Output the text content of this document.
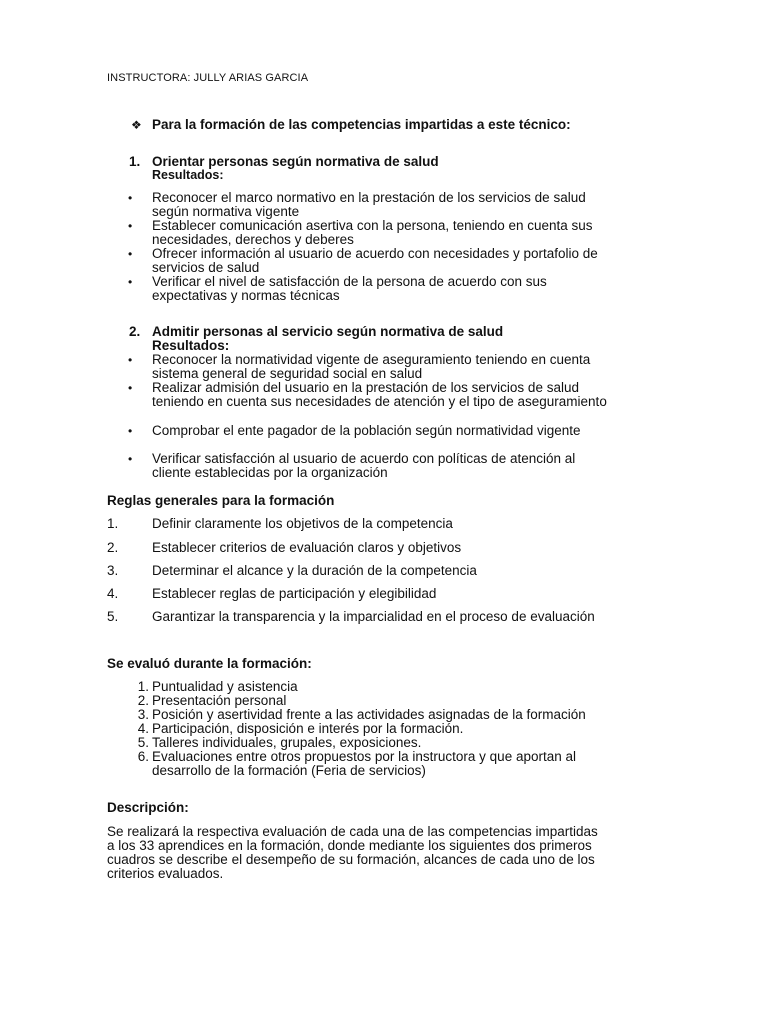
INSTRUCTORA: JULLY ARIAS GARCIA
❖ Para la formación de las competencias impartidas a este técnico:
1. Orientar personas según normativa de salud
Resultados:
• Reconocer el marco normativo en la prestación de los servicios de salud
según normativa vigente
• Establecer comunicación asertiva con la persona, teniendo en cuenta sus
necesidades, derechos y deberes
• Ofrecer información al usuario de acuerdo con necesidades y portafolio de
servicios de salud
• Verificar el nivel de satisfacción de la persona de acuerdo con sus
expectativas y normas técnicas
2. Admitir personas al servicio según normativa de salud
Resultados:
• Reconocer la normatividad vigente de aseguramiento teniendo en cuenta
sistema general de seguridad social en salud
• Realizar admisión del usuario en la prestación de los servicios de salud
teniendo en cuenta sus necesidades de atención y el tipo de aseguramiento
• Comprobar el ente pagador de la población según normatividad vigente
• Verificar satisfacción al usuario de acuerdo con políticas de atención al
cliente establecidas por la organización
Reglas generales para la formación
1. Definir claramente los objetivos de la competencia
2. Establecer criterios de evaluación claros y objetivos
3. Determinar el alcance y la duración de la competencia
4. Establecer reglas de participación y elegibilidad
5. Garantizar la transparencia y la imparcialidad en el proceso de evaluación
Se evaluó durante la formación:
1. Puntualidad y asistencia
2. Presentación personal
3. Posición y asertividad frente a las actividades asignadas de la formación
4. Participación, disposición e interés por la formación.
5. Talleres individuales, grupales, exposiciones.
6. Evaluaciones entre otros propuestos por la instructora y que aportan al
desarrollo de la formación (Feria de servicios)
Descripción:
Se realizará la respectiva evaluación de cada una de las competencias impartidas
a los 33 aprendices en la formación, donde mediante los siguientes dos primeros
cuadros se describe el desempeño de su formación, alcances de cada uno de los
criterios evaluados.
